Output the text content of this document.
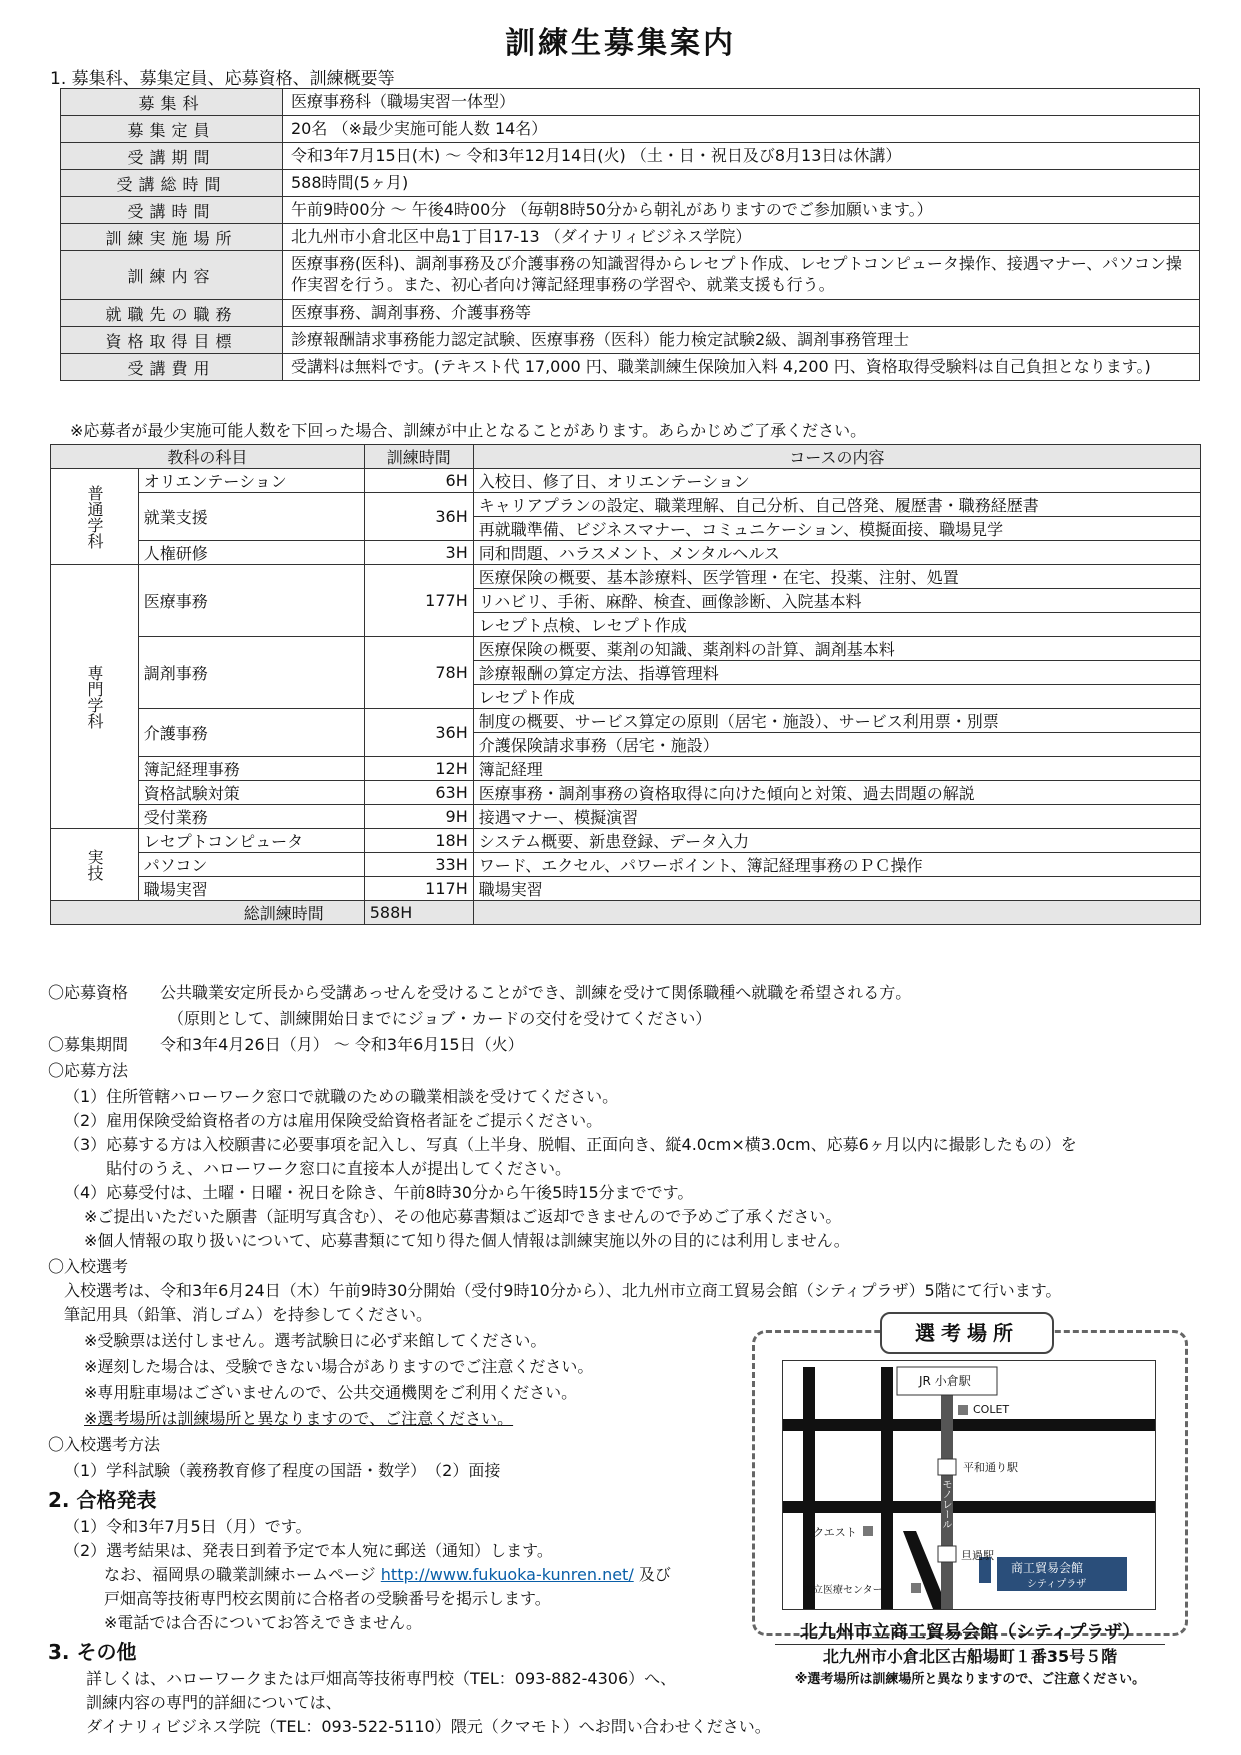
訓練生募集案内
1. 募集科、募集定員、応募資格、訓練概要等
募集科	医療事務科（職場実習一体型）
募集定員	20名 （※最少実施可能人数 14名）
受講期間	令和3年7月15日(木) ～ 令和3年12月14日(火) （土・日・祝日及び8月13日は休講）
受講総時間	588時間(5ヶ月)
受講時間	午前9時00分 ～ 午後4時00分 （毎朝8時50分から朝礼がありますのでご参加願います。）
訓練実施場所	北九州市小倉北区中島1丁目17-13 （ダイナリィビジネス学院）
訓練内容	医療事務(医科)、調剤事務及び介護事務の知識習得からレセプト作成、レセプトコンピュータ操作、接遇マナー、パソコン操作実習を行う。また、初心者向け簿記経理事務の学習や、就業支援も行う。
就職先の職務	医療事務、調剤事務、介護事務等
資格取得目標	診療報酬請求事務能力認定試験、医療事務（医科）能力検定試験2級、調剤事務管理士
受講費用	受講料は無料です。(テキスト代 17,000 円、職業訓練生保険加入料 4,200 円、資格取得受験料は自己負担となります。)
※応募者が最少実施可能人数を下回った場合、訓練が中止となることがあります。あらかじめご了承ください。
教科の科目		訓練時間	コースの内容
普通学科	オリエンテーション	6H	入校日、修了日、オリエンテーション
	就業支援	36H	キャリアプランの設定、職業理解、自己分析、自己啓発、履歴書・職務経歴書
			再就職準備、ビジネスマナー、コミュニケーション、模擬面接、職場見学
	人権研修	3H	同和問題、ハラスメント、メンタルヘルス
専門学科	医療事務	177H	医療保険の概要、基本診療料、医学管理・在宅、投薬、注射、処置
			リハビリ、手術、麻酔、検査、画像診断、入院基本料
			レセプト点検、レセプト作成
	調剤事務	78H	医療保険の概要、薬剤の知識、薬剤料の計算、調剤基本料
			診療報酬の算定方法、指導管理料
			レセプト作成
	介護事務	36H	制度の概要、サービス算定の原則（居宅・施設）、サービス利用票・別票
			介護保険請求事務（居宅・施設）
	簿記経理事務	12H	簿記経理
	資格試験対策	63H	医療事務・調剤事務の資格取得に向けた傾向と対策、過去問題の解説
	受付業務	9H	接遇マナー、模擬演習
実技	レセプトコンピュータ	18H	システム概要、新患登録、データ入力
	パソコン	33H	ワード、エクセル、パワーポイント、簿記経理事務のＰＣ操作
	職場実習	117H	職場実習
総訓練時間		588H	
〇応募資格　　公共職業安定所長から受講あっせんを受けることができ、訓練を受けて関係職種へ就職を希望される方。
（原則として、訓練開始日までにジョブ・カードの交付を受けてください）
〇募集期間　　令和3年4月26日（月） ～ 令和3年6月15日（火）
〇応募方法
（1）住所管轄ハローワーク窓口で就職のための職業相談を受けてください。
（2）雇用保険受給資格者の方は雇用保険受給資格者証をご提示ください。
（3）応募する方は入校願書に必要事項を記入し、写真（上半身、脱帽、正面向き、縦4.0cm×横3.0cm、応募6ヶ月以内に撮影したもの）を
貼付のうえ、ハローワーク窓口に直接本人が提出してください。
（4）応募受付は、土曜・日曜・祝日を除き、午前8時30分から午後5時15分までです。
※ご提出いただいた願書（証明写真含む）、その他応募書類はご返却できませんので予めご了承ください。
※個人情報の取り扱いについて、応募書類にて知り得た個人情報は訓練実施以外の目的には利用しません。
〇入校選考
入校選考は、令和3年6月24日（木）午前9時30分開始（受付9時10分から）、北九州市立商工貿易会館（シティプラザ）5階にて行います。
筆記用具（鉛筆、消しゴム）を持参してください。
※受験票は送付しません。選考試験日に必ず来館してください。
※遅刻した場合は、受験できない場合がありますのでご注意ください。
※専用駐車場はございませんので、公共交通機関をご利用ください。
※選考場所は訓練場所と異なりますので、ご注意ください。
〇入校選考方法
（1）学科試験（義務教育修了程度の国語・数学）　（2）面接
2. 合格発表
（1）令和3年7月5日（月）です。
（2）選考結果は、発表日到着予定で本人宛に郵送（通知）します。
なお、福岡県の職業訓練ホームページ http://www.fukuoka-kunren.net/ 及び
戸畑高等技術専門校玄関前に合格者の受験番号を掲示します。
※電話では合否についてお答えできません。
3. その他
詳しくは、ハローワークまたは戸畑高等技術専門校（TEL：093-882-4306）へ、
訓練内容の専門的詳細については、
ダイナリィビジネス学院（TEL：093-522-5110）隈元（クマモト）へお問い合わせください。
選考場所
JR 小倉駅
COLET
平和通り駅
モノレール
クエスト
旦過駅
市立医療センター
商工貿易会館
シティプラザ
北九州市立商工貿易会館（シティプラザ）
北九州市小倉北区古船場町１番35号５階
※選考場所は訓練場所と異なりますので、ご注意ください。
